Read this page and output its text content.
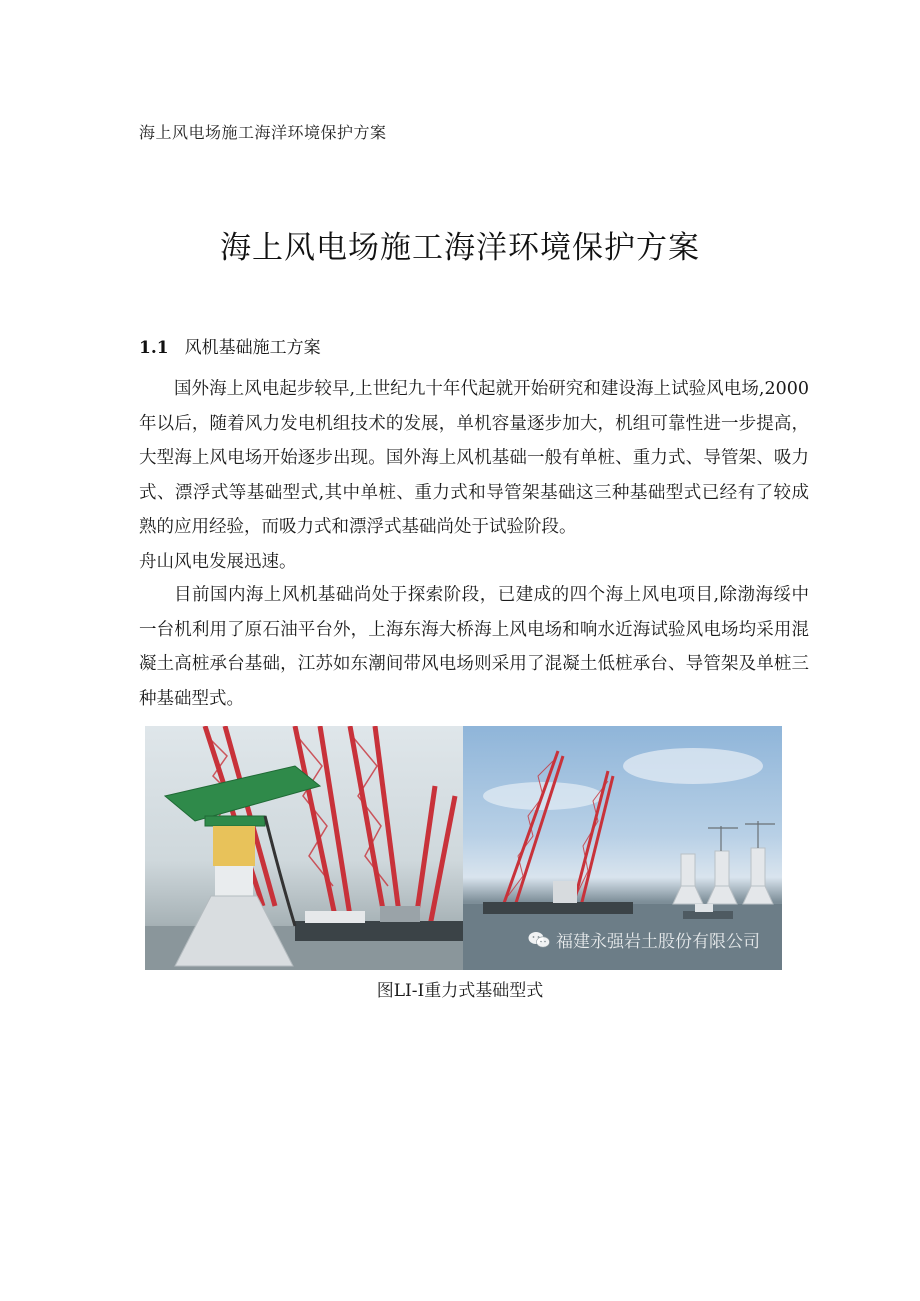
海上风电场施工海洋环境保护方案
海上风电场施工海洋环境保护方案
1.1 风机基础施工方案

国外海上风电起步较早,上世纪九十年代起就开始研究和建设海上试验风电场,2000年以后，随着风力发电机组技术的发展，单机容量逐步加大，机组可靠性进一步提高，大型海上风电场开始逐步出现。国外海上风机基础一般有单桩、重力式、导管架、吸力式、漂浮式等基础型式,其中单桩、重力式和导管架基础这三种基础型式已经有了较成熟的应用经验，而吸力式和漂浮式基础尚处于试验阶段。

舟山风电发展迅速。

目前国内海上风机基础尚处于探索阶段，已建成的四个海上风电项目,除渤海绥中一台机利用了原石油平台外，上海东海大桥海上风电场和响水近海试验风电场均采用混凝土高桩承台基础，江苏如东潮间带风电场则采用了混凝土低桩承台、导管架及单桩三种基础型式。

福建永强岩土股份有限公司
图LI-I重力式基础型式
